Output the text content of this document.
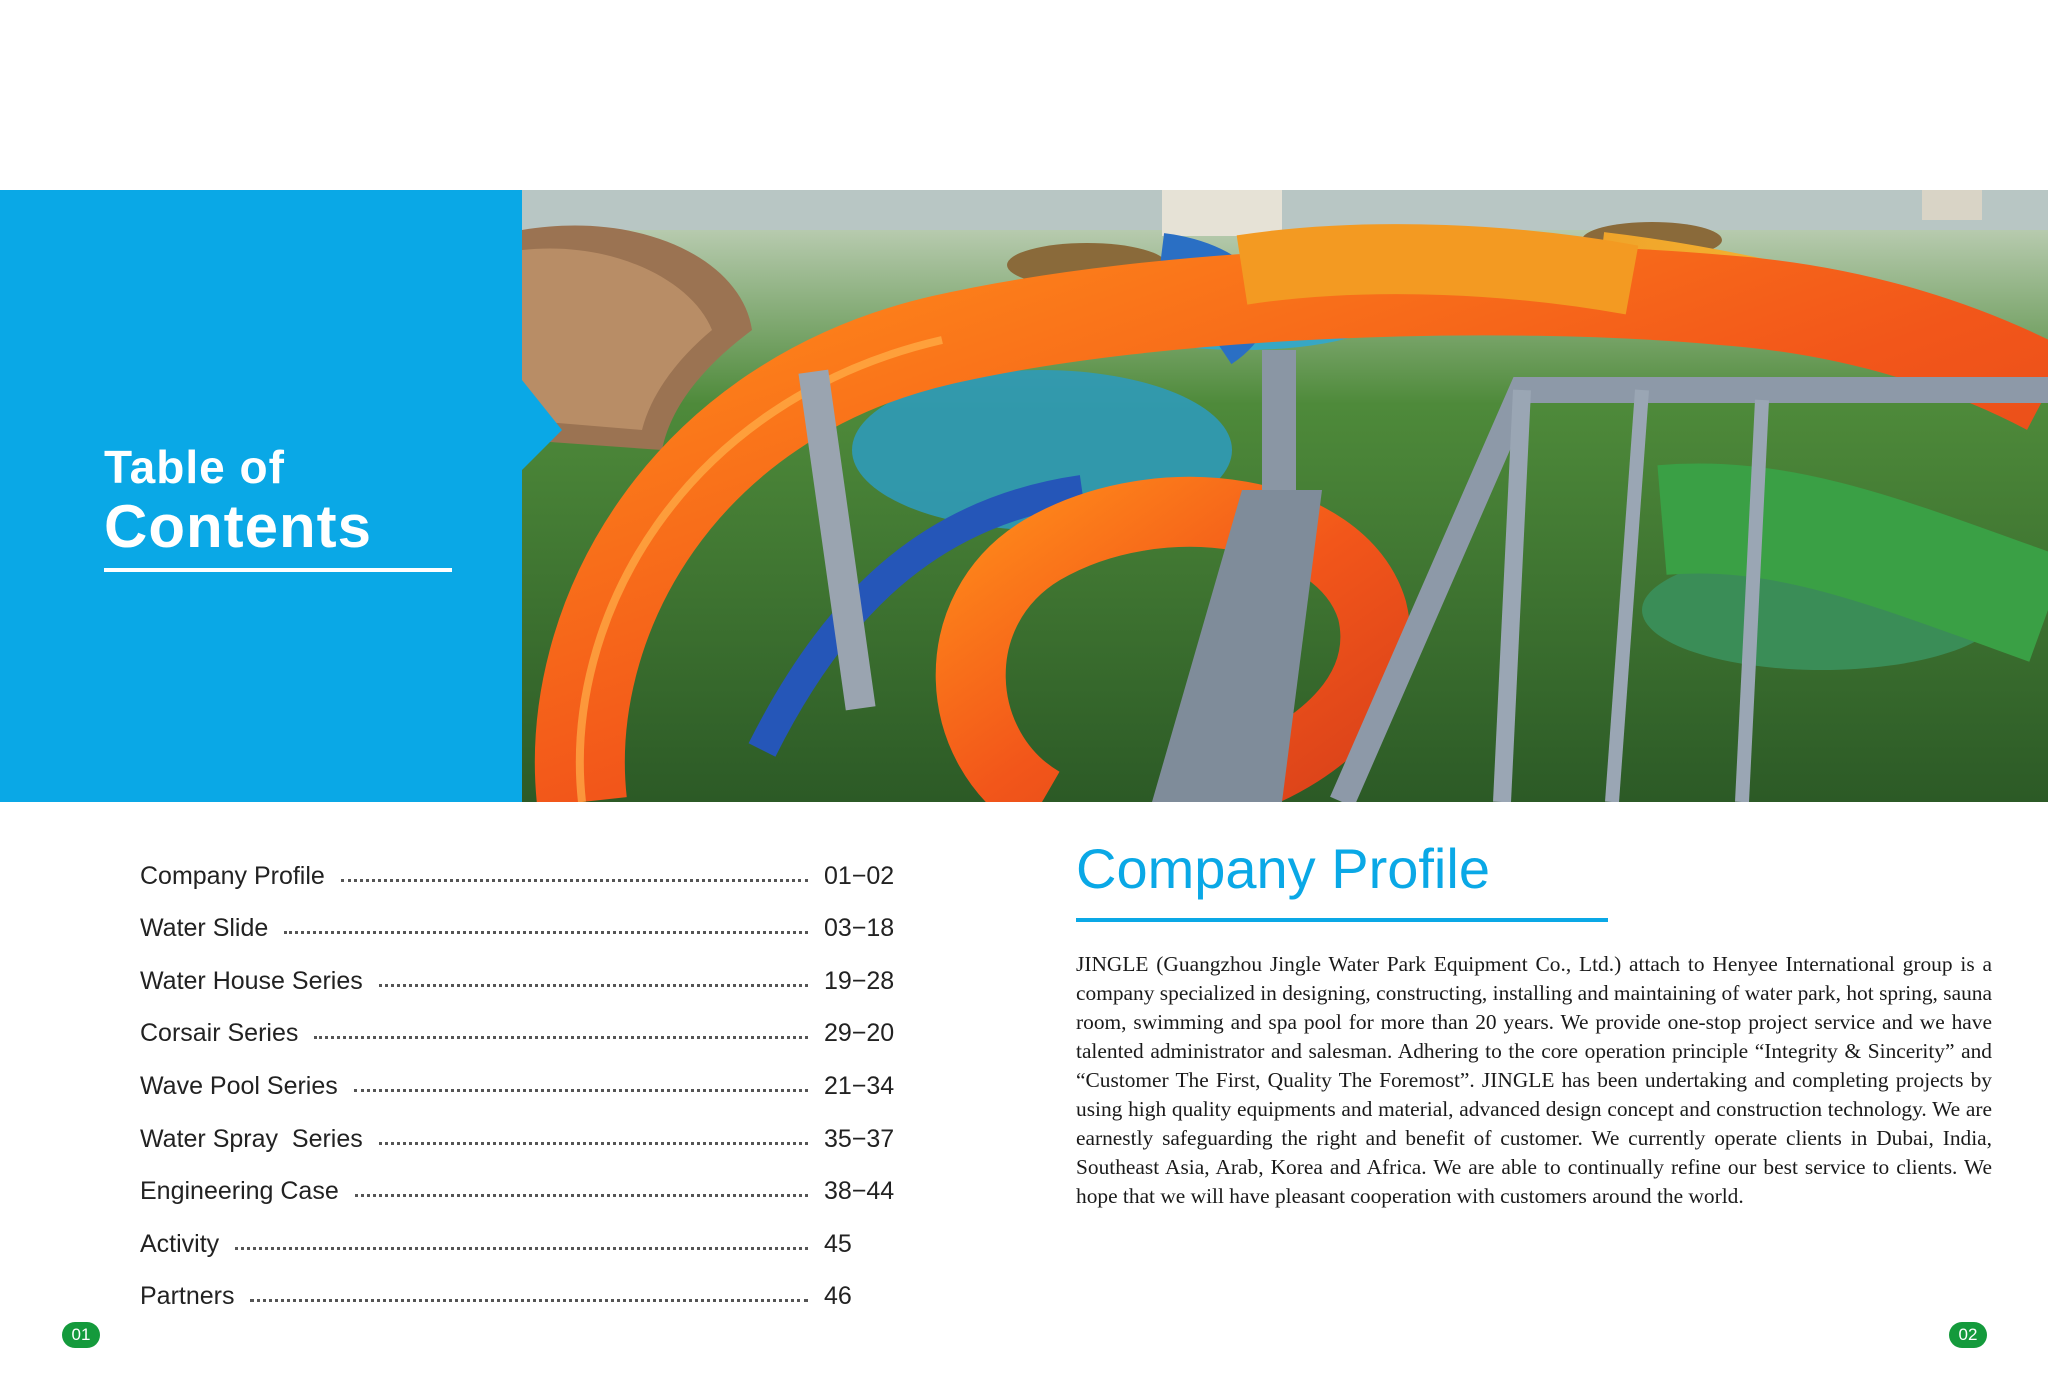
Table of
Contents
Company Profile	01−02
Water Slide	03−18
Water House Series	19−28
Corsair Series	29−20
Wave Pool Series	21−34
Water Spray  Series	35−37
Engineering Case	38−44
Activity	45
Partners	46
Company Profile

JINGLE (Guangzhou Jingle Water Park Equipment Co., Ltd.) attach to Henyee International group is a company specialized in designing, constructing, installing and maintaining of water park, hot spring, sauna room, swimming and spa pool for more than 20 years. We provide one-stop project service and we have talented administrator and salesman. Adhering to the core operation principle “Integrity & Sincerity” and “Customer The First, Quality The Foremost”. JINGLE has been undertaking and completing projects by using high quality equipments and material, advanced design concept and construction technology. We are earnestly safeguarding the right and benefit of customer. We currently operate clients in Dubai, India, Southeast Asia, Arab, Korea and Africa. We are able to continually refine our best service to clients. We hope that we will have pleasant cooperation with customers around the world.

01	02
